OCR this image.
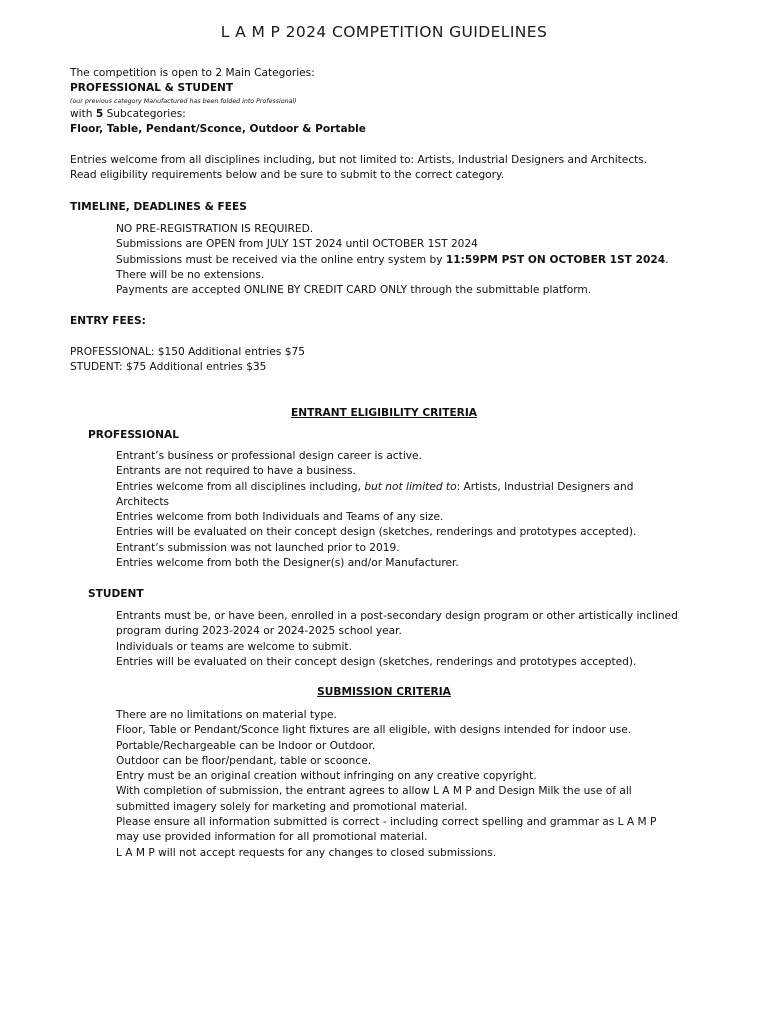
L A M P 2024 COMPETITION GUIDELINES
The competition is open to 2 Main Categories:
PROFESSIONAL & STUDENT
(our previous category Manufactured has been folded into Professional)
with 5 Subcategories:
Floor, Table, Pendant/Sconce, Outdoor & Portable
Entries welcome from all disciplines including, but not limited to: Artists, Industrial Designers and Architects.
Read eligibility requirements below and be sure to submit to the correct category.
TIMELINE, DEADLINES & FEES
NO PRE-REGISTRATION IS REQUIRED.
Submissions are OPEN from JULY 1ST 2024 until OCTOBER 1ST 2024
Submissions must be received via the online entry system by 11:59PM PST ON OCTOBER 1ST 2024.
There will be no extensions.
Payments are accepted ONLINE BY CREDIT CARD ONLY through the submittable platform.
ENTRY FEES:
PROFESSIONAL: $150 Additional entries $75
STUDENT: $75 Additional entries $35
ENTRANT ELIGIBILITY CRITERIA
PROFESSIONAL
Entrant’s business or professional design career is active.
Entrants are not required to have a business.
Entries welcome from all disciplines including, but not limited to: Artists, Industrial Designers and
Architects
Entries welcome from both Individuals and Teams of any size.
Entries will be evaluated on their concept design (sketches, renderings and prototypes accepted).
Entrant’s submission was not launched prior to 2019.
Entries welcome from both the Designer(s) and/or Manufacturer.
STUDENT
Entrants must be, or have been, enrolled in a post-secondary design program or other artistically inclined
program during 2023-2024 or 2024-2025 school year.
Individuals or teams are welcome to submit.
Entries will be evaluated on their concept design (sketches, renderings and prototypes accepted).
SUBMISSION CRITERIA
There are no limitations on material type.
Floor, Table or Pendant/Sconce light fixtures are all eligible, with designs intended for indoor use.
Portable/Rechargeable can be Indoor or Outdoor.
Outdoor can be floor/pendant, table or scoonce.
Entry must be an original creation without infringing on any creative copyright.
With completion of submission, the entrant agrees to allow L A M P and Design Milk the use of all
submitted imagery solely for marketing and promotional material.
Please ensure all information submitted is correct - including correct spelling and grammar as L A M P
may use provided information for all promotional material.
L A M P will not accept requests for any changes to closed submissions.
